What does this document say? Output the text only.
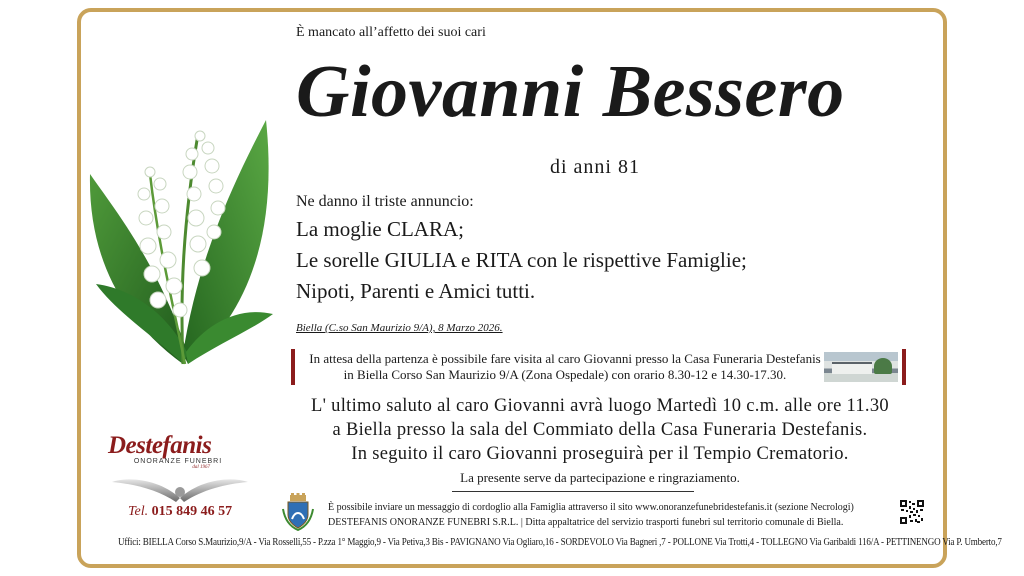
È mancato all’affetto dei suoi cari
Giovanni Bessero
di anni 81
Ne danno il triste annuncio:
La moglie CLARA;
Le sorelle GIULIA e RITA con le rispettive Famiglie;
Nipoti, Parenti e Amici tutti.
Biella (C.so San Maurizio 9/A), 8 Marzo 2026.
In attesa della partenza è possibile fare visita al caro Giovanni presso la Casa Funeraria Destefanis
in Biella Corso San Maurizio 9/A (Zona Ospedale) con orario 8.30-12 e 14.30-17.30.
L' ultimo saluto al caro Giovanni avrà luogo Martedì 10 c.m. alle ore 11.30
a Biella presso la sala del Commiato della Casa Funeraria Destefanis.
In seguito il caro Giovanni proseguirà per il Tempio Crematorio.
La presente serve da partecipazione e ringraziamento.
È possibile inviare un messaggio di cordoglio alla Famiglia attraverso il sito www.onoranzefunebridestefanis.it (sezione Necrologi)
DESTEFANIS ONORANZE FUNEBRI S.R.L. | Ditta appaltatrice del servizio trasporti funebri sul territorio comunale di Biella.
Uffici: BIELLA Corso S.Maurizio,9/A - Via Rosselli,55 - P.zza 1° Maggio,9 - Via Petiva,3 Bis - PAVIGNANO Via Ogliaro,16 - SORDEVOLO Via Bagneri ,7 - POLLONE Via Trotti,4 - TOLLEGNO Via Garibaldi 116/A - PETTINENGO Via P. Umberto,7
Destefanis
ONORANZE FUNEBRI
dal 1967
Tel. 015 849 46 57
